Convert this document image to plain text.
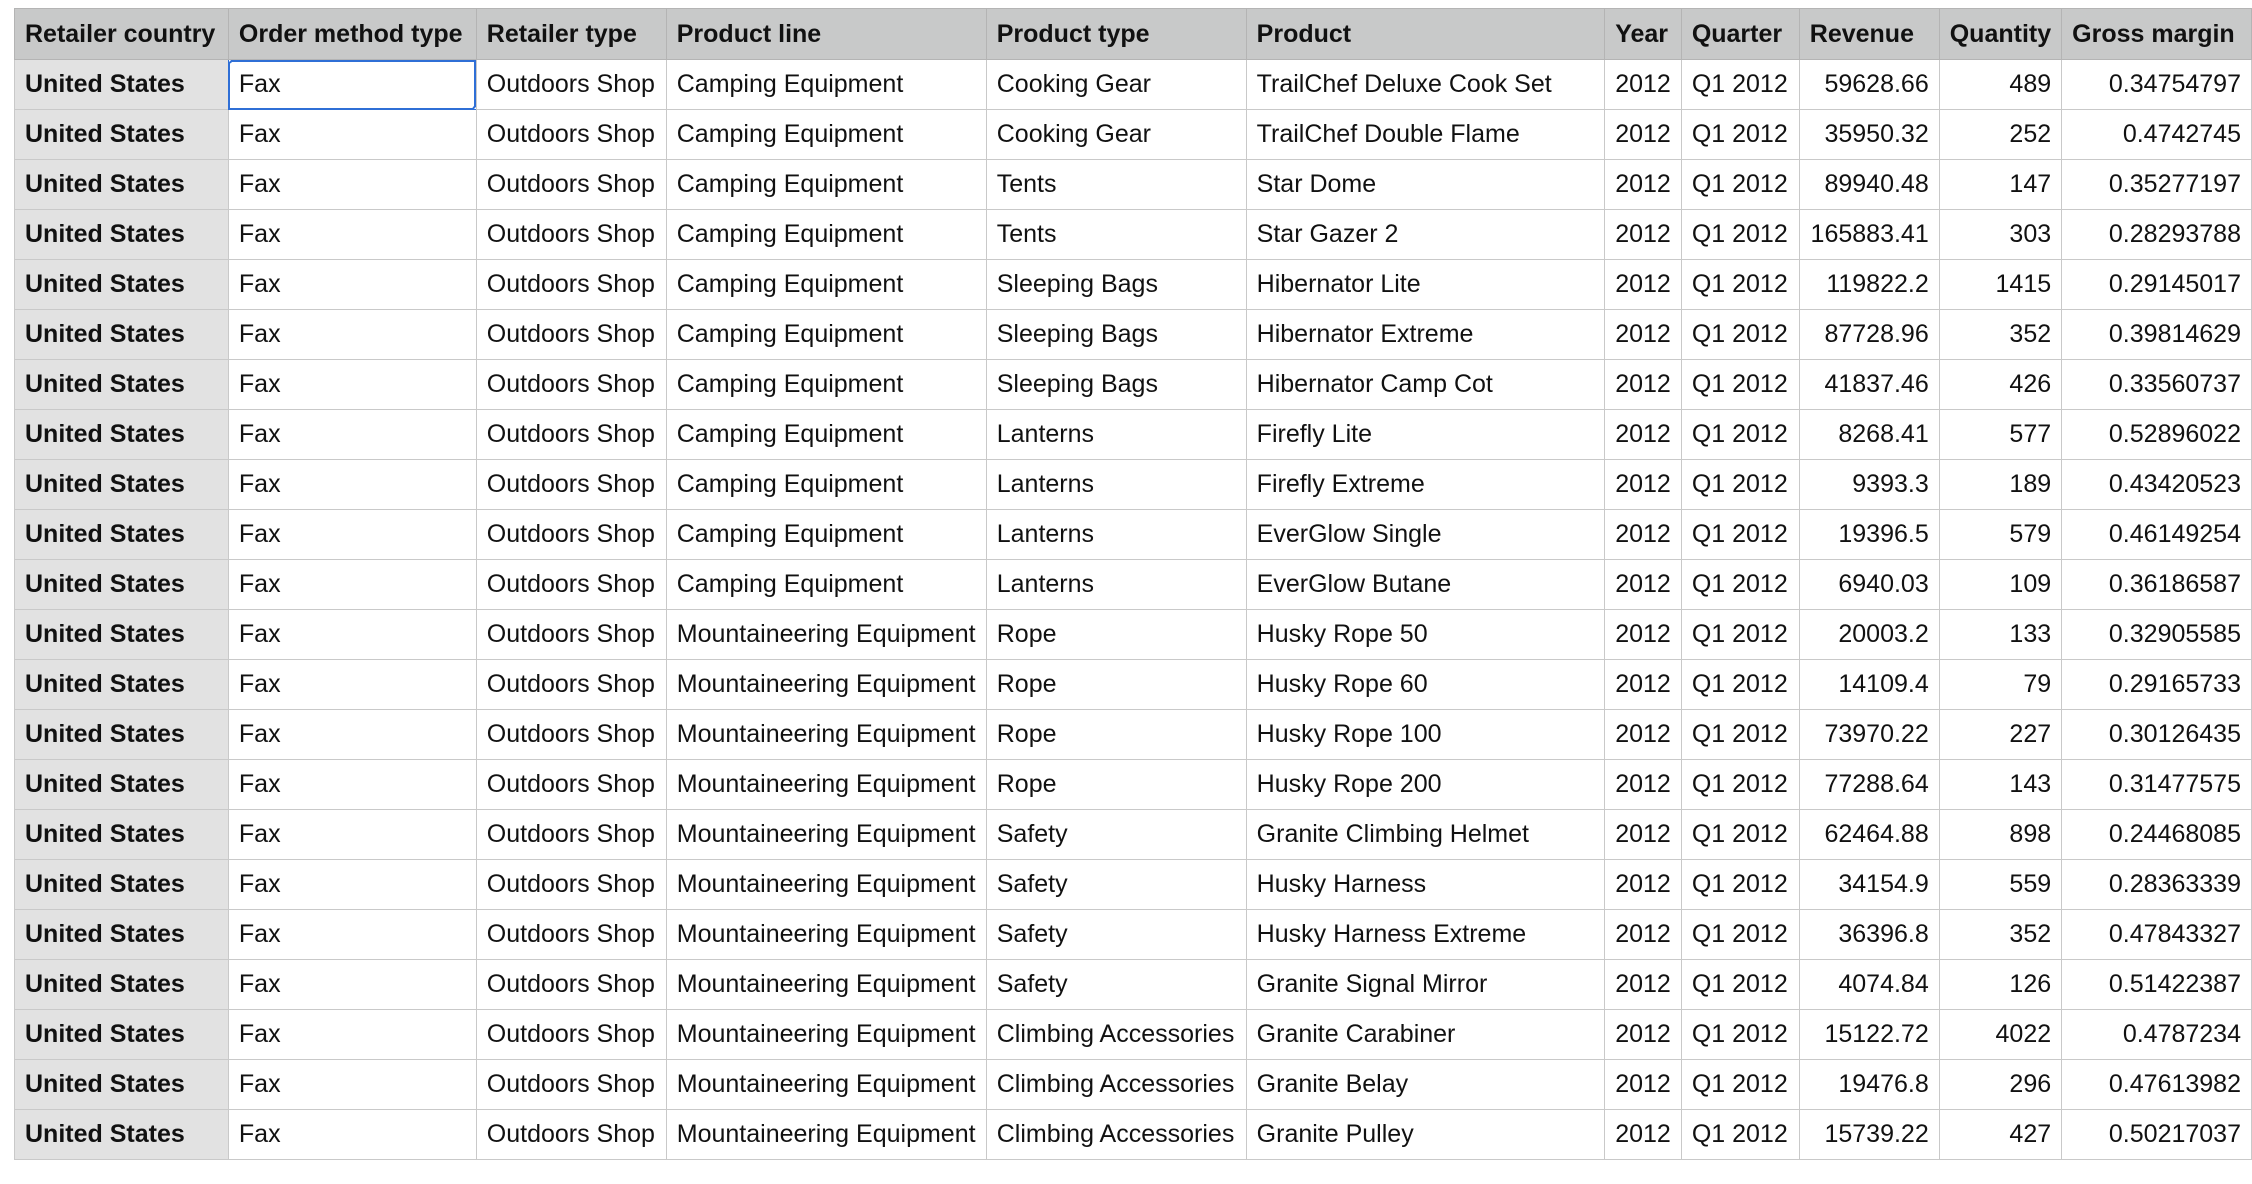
Retailer country	Order method type	Retailer type	Product line	Product type	Product	Year	Quarter	Revenue	Quantity	Gross margin
United States	Fax	Outdoors Shop	Camping Equipment	Cooking Gear	TrailChef Deluxe Cook Set	2012	Q1 2012	59628.66	489	0.34754797
United States	Fax	Outdoors Shop	Camping Equipment	Cooking Gear	TrailChef Double Flame	2012	Q1 2012	35950.32	252	0.4742745
United States	Fax	Outdoors Shop	Camping Equipment	Tents	Star Dome	2012	Q1 2012	89940.48	147	0.35277197
United States	Fax	Outdoors Shop	Camping Equipment	Tents	Star Gazer 2	2012	Q1 2012	165883.41	303	0.28293788
United States	Fax	Outdoors Shop	Camping Equipment	Sleeping Bags	Hibernator Lite	2012	Q1 2012	119822.2	1415	0.29145017
United States	Fax	Outdoors Shop	Camping Equipment	Sleeping Bags	Hibernator Extreme	2012	Q1 2012	87728.96	352	0.39814629
United States	Fax	Outdoors Shop	Camping Equipment	Sleeping Bags	Hibernator Camp Cot	2012	Q1 2012	41837.46	426	0.33560737
United States	Fax	Outdoors Shop	Camping Equipment	Lanterns	Firefly Lite	2012	Q1 2012	8268.41	577	0.52896022
United States	Fax	Outdoors Shop	Camping Equipment	Lanterns	Firefly Extreme	2012	Q1 2012	9393.3	189	0.43420523
United States	Fax	Outdoors Shop	Camping Equipment	Lanterns	EverGlow Single	2012	Q1 2012	19396.5	579	0.46149254
United States	Fax	Outdoors Shop	Camping Equipment	Lanterns	EverGlow Butane	2012	Q1 2012	6940.03	109	0.36186587
United States	Fax	Outdoors Shop	Mountaineering Equipment	Rope	Husky Rope 50	2012	Q1 2012	20003.2	133	0.32905585
United States	Fax	Outdoors Shop	Mountaineering Equipment	Rope	Husky Rope 60	2012	Q1 2012	14109.4	79	0.29165733
United States	Fax	Outdoors Shop	Mountaineering Equipment	Rope	Husky Rope 100	2012	Q1 2012	73970.22	227	0.30126435
United States	Fax	Outdoors Shop	Mountaineering Equipment	Rope	Husky Rope 200	2012	Q1 2012	77288.64	143	0.31477575
United States	Fax	Outdoors Shop	Mountaineering Equipment	Safety	Granite Climbing Helmet	2012	Q1 2012	62464.88	898	0.24468085
United States	Fax	Outdoors Shop	Mountaineering Equipment	Safety	Husky Harness	2012	Q1 2012	34154.9	559	0.28363339
United States	Fax	Outdoors Shop	Mountaineering Equipment	Safety	Husky Harness Extreme	2012	Q1 2012	36396.8	352	0.47843327
United States	Fax	Outdoors Shop	Mountaineering Equipment	Safety	Granite Signal Mirror	2012	Q1 2012	4074.84	126	0.51422387
United States	Fax	Outdoors Shop	Mountaineering Equipment	Climbing Accessories	Granite Carabiner	2012	Q1 2012	15122.72	4022	0.4787234
United States	Fax	Outdoors Shop	Mountaineering Equipment	Climbing Accessories	Granite Belay	2012	Q1 2012	19476.8	296	0.47613982
United States	Fax	Outdoors Shop	Mountaineering Equipment	Climbing Accessories	Granite Pulley	2012	Q1 2012	15739.22	427	0.50217037
